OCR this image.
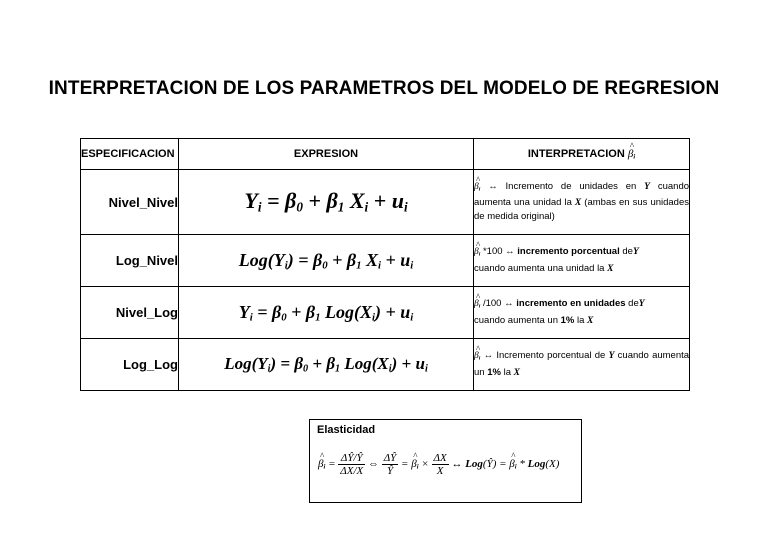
INTERPRETACION DE LOS PARAMETROS DEL MODELO DE REGRESION
ESPECIFICACION	EXPRESION	INTERPRETACION ^ $\beta_i$
Nivel_Nivel	$Y_i = \beta_0 + \beta_1$ $X_i + u_i$	^ $\beta_i$ ↔ Incremento de unidades en Y cuando aumenta una unidad la X (ambas en sus unidades de medida original)
Log_Nivel	$Log(Y_i) = \beta_0 + \beta_1$ $X_i + u_i$	^ $\beta_i$ *100 ↔ incremento porcentual deY
cuando aumenta una unidad la X
Nivel_Log	$Y_i = \beta_0 + \beta_1$ $Log(X_i) + u_i$	^ $\beta_i$ /100 ↔ incremento en unidades deY
cuando aumenta un 1% la X
Log_Log	$Log(Y_i) = \beta_0 + \beta_1$ $Log(X_i) + u_i$	^ $\beta_i$ ↔ Incremento porcentual de Y cuando aumenta un 1% la X
Elasticidad
^ $\beta_i = \frac{\Delta Ŷ/Ŷ}{\Delta X/X}$ ⇔ $\frac{\Delta Ŷ}{Ŷ}$ = ^ $\beta_i \times \frac{\Delta X}{X}$ ↔ Log(Ŷ) = ^ $\beta_i * Log(X)$
